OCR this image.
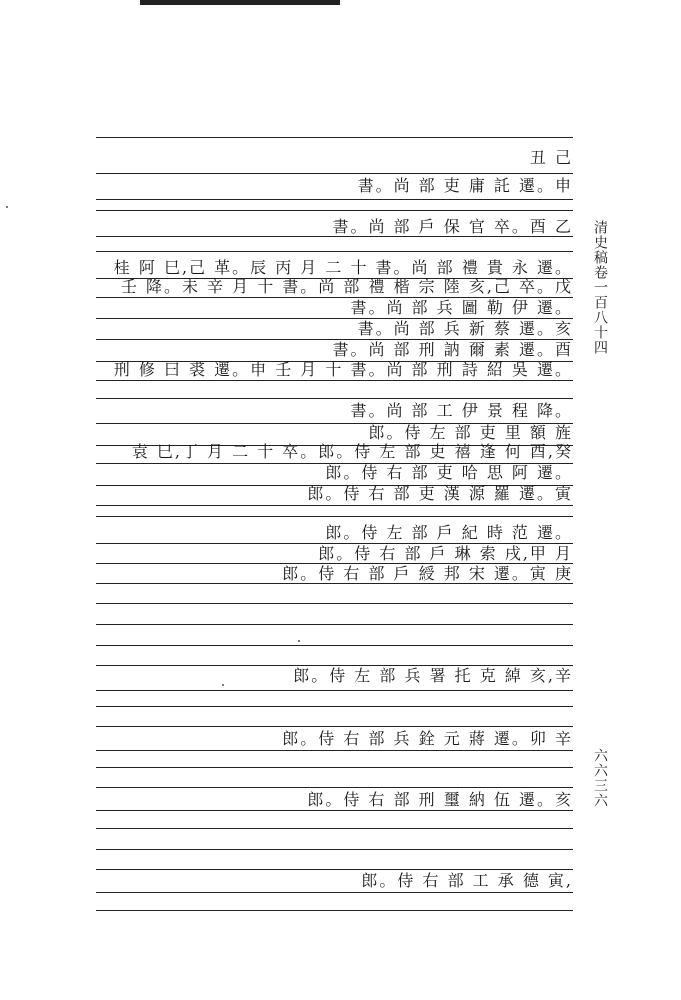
丑 己
書。尚 部 吏 庸 託 遷。申
書。尚 部 戶 保 官 卒。酉 乙
桂 阿 巳,己 革。辰 丙 月 二 十 書。尚 部 禮 貴 永 遷。
壬 降。未 辛 月 十 書。尚 部 禮 楷 宗 陸 亥,己 卒。戊
書。尚 部 兵 圖 勒 伊 遷。
書。尚 部 兵 新 蔡 遷。亥
書。尚 部 刑 訥 爾 素 遷。酉
刑 修 曰 裘 遷。申 壬 月 十 書。尚 部 刑 詩 紹 吳 遷。
書。尚 部 工 伊 景 程 降。
郎。侍 左 部 吏 里 額 旌
袁 巳,丁 月 二 十 卒。郎。侍 左 部 吏 禧 逢 何 酉,癸
郎。侍 右 部 吏 哈 思 阿 遷。
郎。侍 右 部 吏 漢 源 羅 遷。寅
郎。侍 左 部 戶 紀 時 范 遷。
郎。侍 右 部 戶 琳 索 戌,甲 月
郎。侍 右 部 戶 綬 邦 宋 遷。寅 庚
郎。侍 左 部 兵 署 托 克 綽 亥,辛
郎。侍 右 部 兵 銓 元 蔣 遷。卯 辛
郎。侍 右 部 刑 璽 納 伍 遷。亥
郎。侍 右 部 工 承 德 寅,
清史稿卷一百八十四
六六三六
